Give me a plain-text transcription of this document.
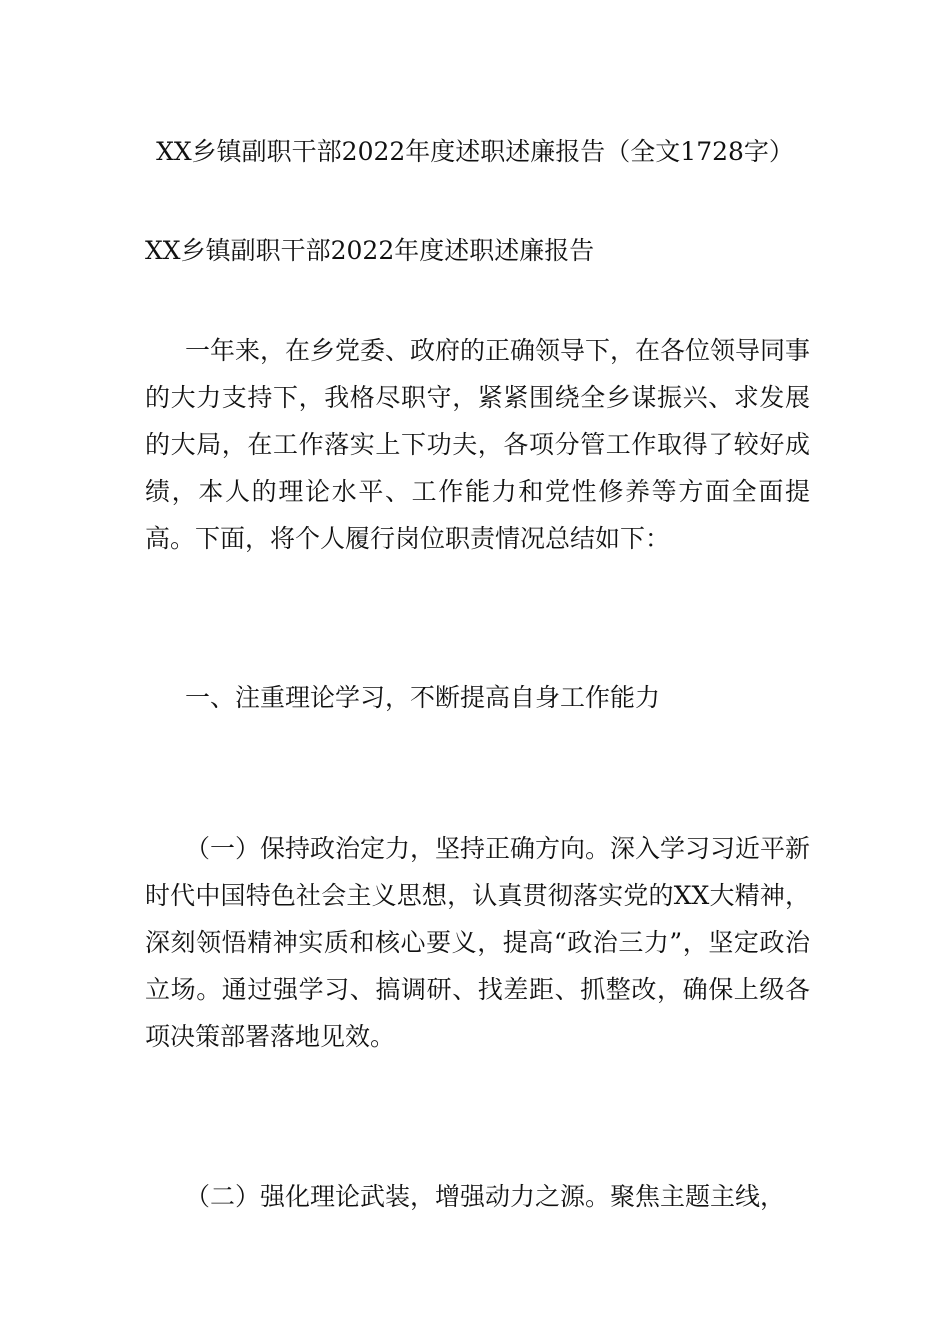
XX乡镇副职干部2022年度述职述廉报告（全文1728字）
XX乡镇副职干部2022年度述职述廉报告
一年来，在乡党委、政府的正确领导下，在各位领导同事的大力支持下，我格尽职守，紧紧围绕全乡谋振兴、求发展的大局，在工作落实上下功夫，各项分管工作取得了较好成绩，本人的理论水平、工作能力和党性修养等方面全面提高。下面，将个人履行岗位职责情况总结如下：
一、注重理论学习，不断提高自身工作能力
（一）保持政治定力，坚持正确方向。深入学习习近平新时代中国特色社会主义思想，认真贯彻落实党的XX大精神，深刻领悟精神实质和核心要义，提高“政治三力”，坚定政治立场。通过强学习、搞调研、找差距、抓整改，确保上级各项决策部署落地见效。
（二）强化理论武装，增强动力之源。聚焦主题主线，
